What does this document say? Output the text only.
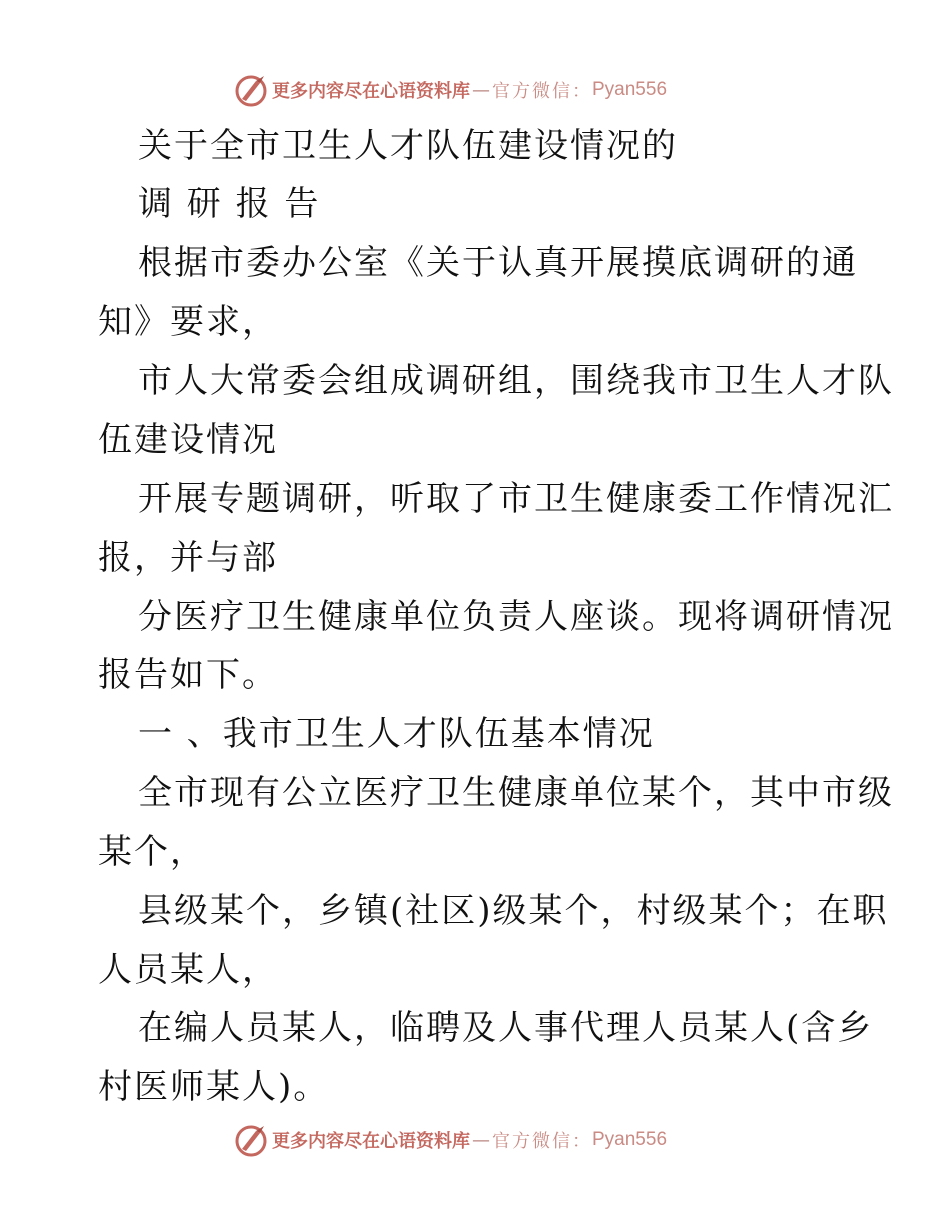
更多内容尽在心语资料库 — 官方微信： Pyan556
关于全市卫生人才队伍建设情况的
调 研 报 告
根据市委办公室《关于认真开展摸底调研的通
知》要求，
市人大常委会组成调研组，围绕我市卫生人才队
伍建设情况
开展专题调研，听取了市卫生健康委工作情况汇
报，并与部
分医疗卫生健康单位负责人座谈。现将调研情况
报告如下。
一 、我市卫生人才队伍基本情况
全市现有公立医疗卫生健康单位某个，其中市级
某个，
县级某个，乡镇(社区)级某个，村级某个；在职
人员某人，
在编人员某人，临聘及人事代理人员某人(含乡
村医师某人)。
更多内容尽在心语资料库 — 官方微信： Pyan556
